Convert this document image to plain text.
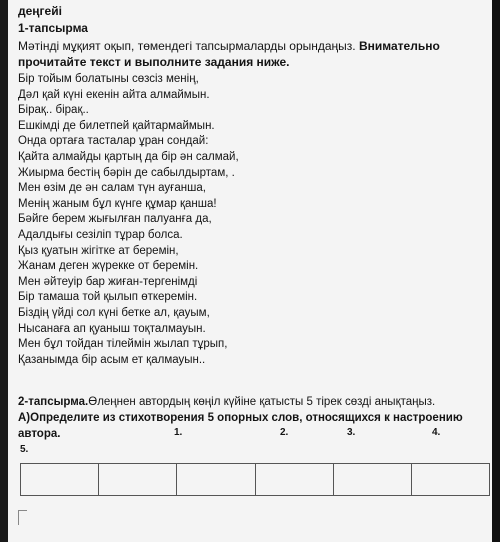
деңгейі
1-тапсырма
Мәтінді мұқият оқып, төмендегі тапсырмаларды орындаңыз. Внимательно прочитайте текст и выполните задания ниже.
Бір тойым болатыны сөзсіз менің,
Дәл қай күні екенін айта алмаймын.
Бірақ.. бірақ..
Ешкімді де билетпей қайтармаймын.
Онда ортаға тасталар ұран сондай:
Қайта алмайды қартың да бір ән салмай,
Жиырма бестің бәрін де сабылдыртам, .
Мен өзім де ән салам түн ауғанша,
Менің жаным бұл күнге құмар қанша!
Бәйге берем жығылған палуанға да,
Адалдығы сезіліп тұрар болса.
Қыз қуатын жігітке ат беремін,
Жанам деген жүрекке от беремін.
Мен әйтеуір бар жиған-тергенімді
Бір тамаша той қылып өткеремін.
Біздің үйді сол күні бетке ал, қауым,
Нысанаға ап қуаныш тоқталмауын.
Мен бұл тойдан тілеймін жылап тұрып,
Қазанымда бір асым ет қалмауын..
2-тапсырма.Өлеңнен автордың көңіл күйіне қатысты 5 тірек сөзді анықтаңыз.
А)Определите из стихотворения 5 опорных слов, относящихся к настроению автора.	1.	2.	3.	4.
5.
